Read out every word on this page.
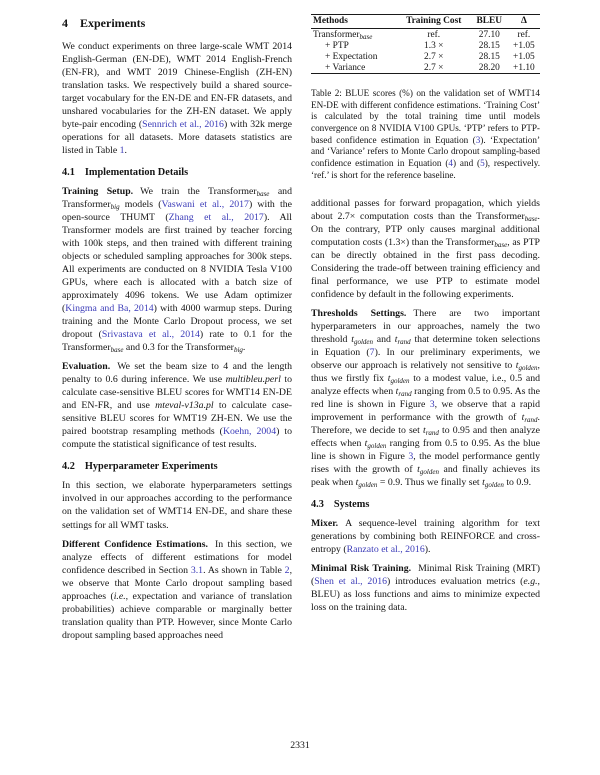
4 Experiments

We conduct experiments on three large-scale WMT 2014 English-German (EN-DE), WMT 2014 English-French (EN-FR), and WMT 2019 Chinese-English (ZH-EN) translation tasks. We respectively build a shared source-target vocabulary for the EN-DE and EN-FR datasets, and unshared vocabularies for the ZH-EN dataset. We apply byte-pair encoding (Sennrich et al., 2016) with 32k merge operations for all datasets. More datasets statistics are listed in Table 1.

4.1 Implementation Details

Training Setup. We train the Transformer$_{base}$ and Transformer$_{big}$ models (Vaswani et al., 2017) with the open-source THUMT (Zhang et al., 2017). All Transformer models are first trained by teacher forcing with 100k steps, and then trained with different training objects or scheduled sampling approaches for 300k steps. All experiments are conducted on 8 NVIDIA Tesla V100 GPUs, where each is allocated with a batch size of approximately 4096 tokens. We use Adam optimizer (Kingma and Ba, 2014) with 4000 warmup steps. During training and the Monte Carlo Dropout process, we set dropout (Srivastava et al., 2014) rate to 0.1 for the Transformer$_{base}$ and 0.3 for the Transformer$_{big}$.

Evaluation. We set the beam size to 4 and the length penalty to 0.6 during inference. We use multibleu.perl to calculate case-sensitive BLEU scores for WMT14 EN-DE and EN-FR, and use mteval-v13a.pl to calculate case-sensitive BLEU scores for WMT19 ZH-EN. We use the paired bootstrap resampling methods (Koehn, 2004) to compute the statistical significance of test results.

4.2 Hyperparameter Experiments

In this section, we elaborate hyperparameters settings involved in our approaches according to the performance on the validation set of WMT14 EN-DE, and share these settings for all WMT tasks.

Different Confidence Estimations. In this section, we analyze effects of different estimations for model confidence described in Section 3.1. As shown in Table 2, we observe that Monte Carlo dropout sampling based approaches (i.e., expectation and variance of translation probabilities) achieve comparable or marginally better translation quality than PTP. However, since Monte Carlo dropout sampling based approaches need

Methods	Training Cost	BLEU	Δ
Transformer$_{base}$	ref.	27.10	ref.
+ PTP	1.3 ×	28.15	+1.05
+ Expectation	2.7 ×	28.15	+1.05
+ Variance	2.7 ×	28.20	+1.10

Table 2: BLUE scores (%) on the validation set of WMT14 EN-DE with different confidence estimations. ‘Training Cost’ is calculated by the total training time until models convergence on 8 NVIDIA V100 GPUs. ‘PTP’ refers to PTP-based confidence estimation in Equation (3). ‘Expectation’ and ‘Variance’ refers to Monte Carlo dropout sampling-based confidence estimation in Equation (4) and (5), respectively. ‘ref.’ is short for the reference baseline.

additional passes for forward propagation, which yields about 2.7× computation costs than the Transformer$_{base}$. On the contrary, PTP only causes marginal additional computation costs (1.3×) than the Transformer$_{base}$, as PTP can be directly obtained in the first pass decoding. Considering the trade-off between training efficiency and final performance, we use PTP to estimate model confidence by default in the following experiments.

Thresholds Settings. There are two important hyperparameters in our approaches, namely the two threshold $t_{golden}$ and $t_{rand}$ that determine token selections in Equation (7). In our preliminary experiments, we observe our approach is relatively not sensitive to $t_{golden}$, thus we firstly fix $t_{golden}$ to a modest value, i.e., 0.5 and analyze effects when $t_{rand}$ ranging from 0.5 to 0.95. As the red line is shown in Figure 3, we observe that a rapid improvement in performance with the growth of $t_{rand}$. Therefore, we decide to set $t_{rand}$ to 0.95 and then analyze effects when $t_{golden}$ ranging from 0.5 to 0.95. As the blue line is shown in Figure 3, the model performance gently rises with the growth of $t_{golden}$ and finally achieves its peak when $t_{golden} = 0.9$. Thus we finally set $t_{golden}$ to 0.9.

4.3 Systems

Mixer. A sequence-level training algorithm for text generations by combining both REINFORCE and cross-entropy (Ranzato et al., 2016).

Minimal Risk Training. Minimal Risk Training (MRT) (Shen et al., 2016) introduces evaluation metrics (e.g., BLEU) as loss functions and aims to minimize expected loss on the training data.

2331
